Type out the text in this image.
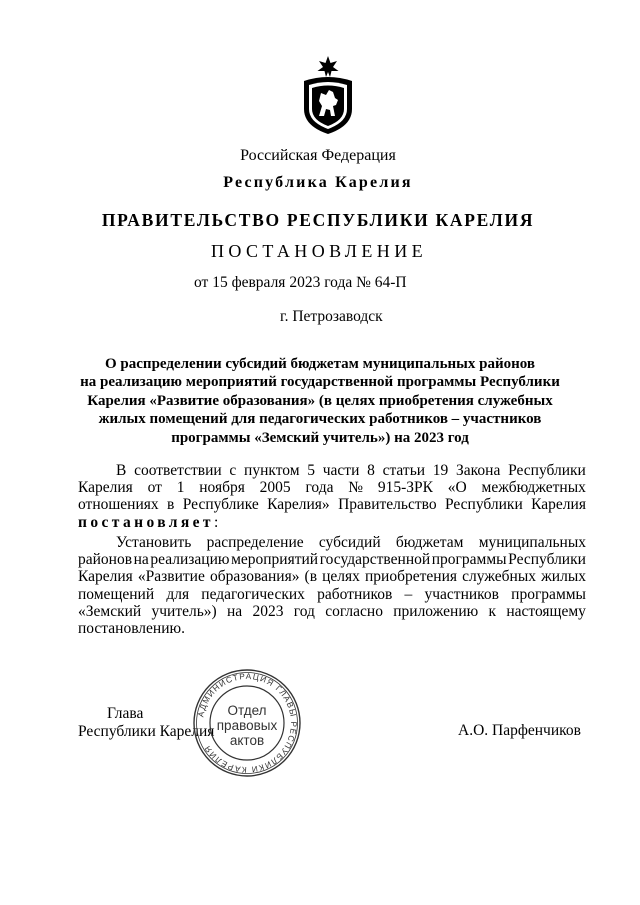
Российская Федерация
Республика Карелия
ПРАВИТЕЛЬСТВО РЕСПУБЛИКИ КАРЕЛИЯ
ПОСТАНОВЛЕНИЕ
от 15 февраля 2023 года № 64-П
г. Петрозаводск
О распределении субсидий бюджетам муниципальных районов
на реализацию мероприятий государственной программы Республики
Карелия «Развитие образования» (в целях приобретения служебных
жилых помещений для педагогических работников – участников
программы «Земский учитель») на 2023 год
В соответствии с пунктом 5 части 8 статьи 19 Закона Республики
Карелия от 1 ноября 2005 года № 915-ЗРК «О межбюджетных
отношениях в Республике Карелия» Правительство Республики Карелия
постановляет:
Установить распределение субсидий бюджетам муниципальных
районов на реализацию мероприятий государственной программы Республики
Карелия «Развитие образования» (в целях приобретения служебных жилых
помещений для педагогических работников – участников программы
«Земский учитель») на 2023 год согласно приложению к настоящему
постановлению.
Глава
Республики Карелия	А.О. Парфенчиков
АДМИНИСТРАЦИЯ ГЛАВЫ РЕСПУБЛИКИ КАРЕЛИЯ
Отдел
правовых
актов
